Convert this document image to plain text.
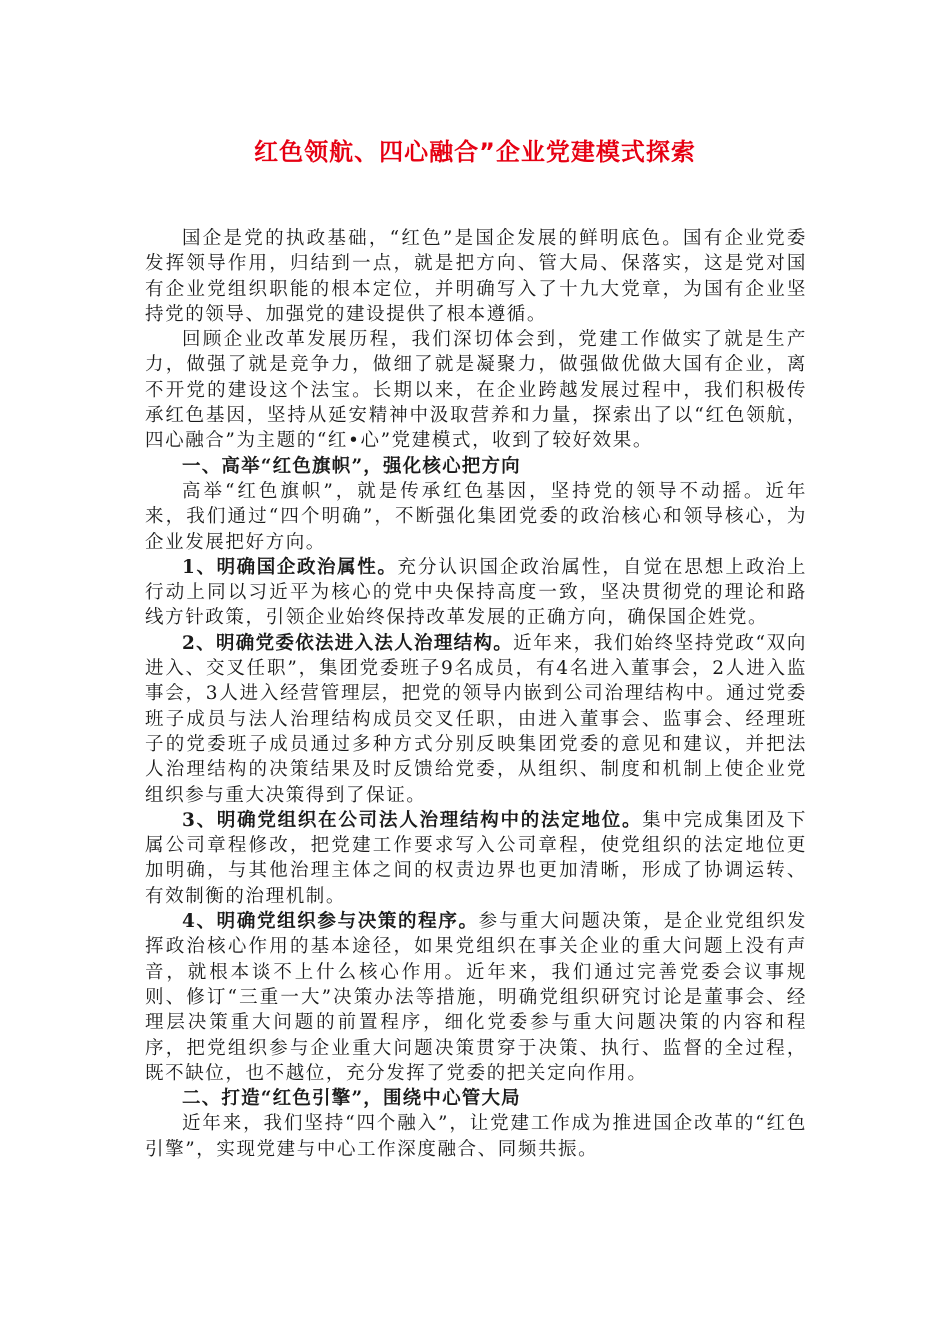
红色领航、四心融合”企业党建模式探索

国企是党的执政基础，“红色”是国企发展的鲜明底色。国有企业党委发挥领导作用，归结到一点，就是把方向、管大局、保落实，这是党对国有企业党组织职能的根本定位，并明确写入了十九大党章，为国有企业坚持党的领导、加强党的建设提供了根本遵循。

回顾企业改革发展历程，我们深切体会到，党建工作做实了就是生产力，做强了就是竞争力，做细了就是凝聚力，做强做优做大国有企业，离不开党的建设这个法宝。长期以来，在企业跨越发展过程中，我们积极传承红色基因，坚持从延安精神中汲取营养和力量，探索出了以“红色领航，四心融合”为主题的“红•心”党建模式，收到了较好效果。

一、高举“红色旗帜”，强化核心把方向

高举“红色旗帜”，就是传承红色基因，坚持党的领导不动摇。近年来，我们通过“四个明确”，不断强化集团党委的政治核心和领导核心，为企业发展把好方向。

1、明确国企政治属性。充分认识国企政治属性，自觉在思想上政治上行动上同以习近平为核心的党中央保持高度一致，坚决贯彻党的理论和路线方针政策，引领企业始终保持改革发展的正确方向，确保国企姓党。

2、明确党委依法进入法人治理结构。近年来，我们始终坚持党政“双向进入、交叉任职”，集团党委班子9名成员，有4名进入董事会，2人进入监事会，3人进入经营管理层，把党的领导内嵌到公司治理结构中。通过党委班子成员与法人治理结构成员交叉任职，由进入董事会、监事会、经理班子的党委班子成员通过多种方式分别反映集团党委的意见和建议，并把法人治理结构的决策结果及时反馈给党委，从组织、制度和机制上使企业党组织参与重大决策得到了保证。

3、明确党组织在公司法人治理结构中的法定地位。集中完成集团及下属公司章程修改，把党建工作要求写入公司章程，使党组织的法定地位更加明确，与其他治理主体之间的权责边界也更加清晰，形成了协调运转、有效制衡的治理机制。

4、明确党组织参与决策的程序。参与重大问题决策，是企业党组织发挥政治核心作用的基本途径，如果党组织在事关企业的重大问题上没有声音，就根本谈不上什么核心作用。近年来，我们通过完善党委会议事规则、修订“三重一大”决策办法等措施，明确党组织研究讨论是董事会、经理层决策重大问题的前置程序，细化党委参与重大问题决策的内容和程序，把党组织参与企业重大问题决策贯穿于决策、执行、监督的全过程，既不缺位，也不越位，充分发挥了党委的把关定向作用。

二、打造“红色引擎”，围绕中心管大局

近年来，我们坚持“四个融入”，让党建工作成为推进国企改革的“红色引擎”，实现党建与中心工作深度融合、同频共振。
